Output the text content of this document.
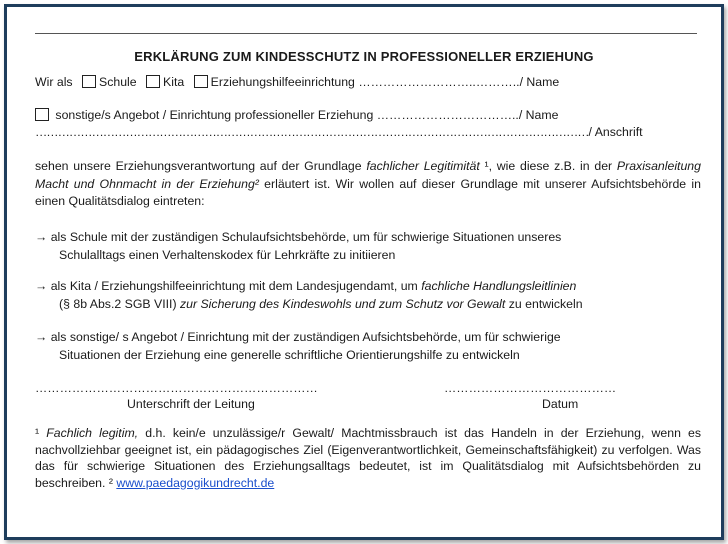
ERKLÄRUNG ZUM KINDESSCHUTZ IN PROFESSIONELLER ERZIEHUNG
Wir als Schule Kita Erziehungshilfeeinrichtung ………………………..………../ Name
sonstige/s Angebot / Einrichtung professioneller Erziehung ……………………………../ Name
…………………………………………………………………………………………………………………………………/ Anschrift
sehen unsere Erziehungsverantwortung auf der Grundlage fachlicher Legitimität ¹, wie diese z.B. in der Praxisanleitung Macht und Ohnmacht in der Erziehung² erläutert ist. Wir wollen auf dieser Grundlage mit unserer Aufsichtsbehörde in einen Qualitätsdialog eintreten:
→ als Schule mit der zuständigen Schulaufsichtsbehörde, um für schwierige Situationen unseres
Schulalltags einen Verhaltenskodex für Lehrkräfte zu initiieren
→ als Kita / Erziehungshilfeeinrichtung mit dem Landesjugendamt, um fachliche Handlungsleitlinien
(§ 8b Abs.2 SGB VIII) zur Sicherung des Kindeswohls und zum Schutz vor Gewalt zu entwickeln
→ als sonstige/ s Angebot / Einrichtung mit der zuständigen Aufsichtsbehörde, um für schwierige
Situationen der Erziehung eine generelle schriftliche Orientierungshilfe zu entwickeln
……………………………………………………………
Unterschrift der Leitung
……………………………………
Datum
¹ Fachlich legitim, d.h. kein/e unzulässige/r Gewalt/ Machtmissbrauch ist das Handeln in der Erziehung, wenn es nachvollziehbar geeignet ist, ein pädagogisches Ziel (Eigenverantwortlichkeit, Gemeinschaftsfähigkeit) zu verfolgen. Was das für schwierige Situationen des Erziehungsalltags bedeutet, ist im Qualitätsdialog mit Aufsichtsbehörden zu beschreiben. ² www.paedagogikundrecht.de
